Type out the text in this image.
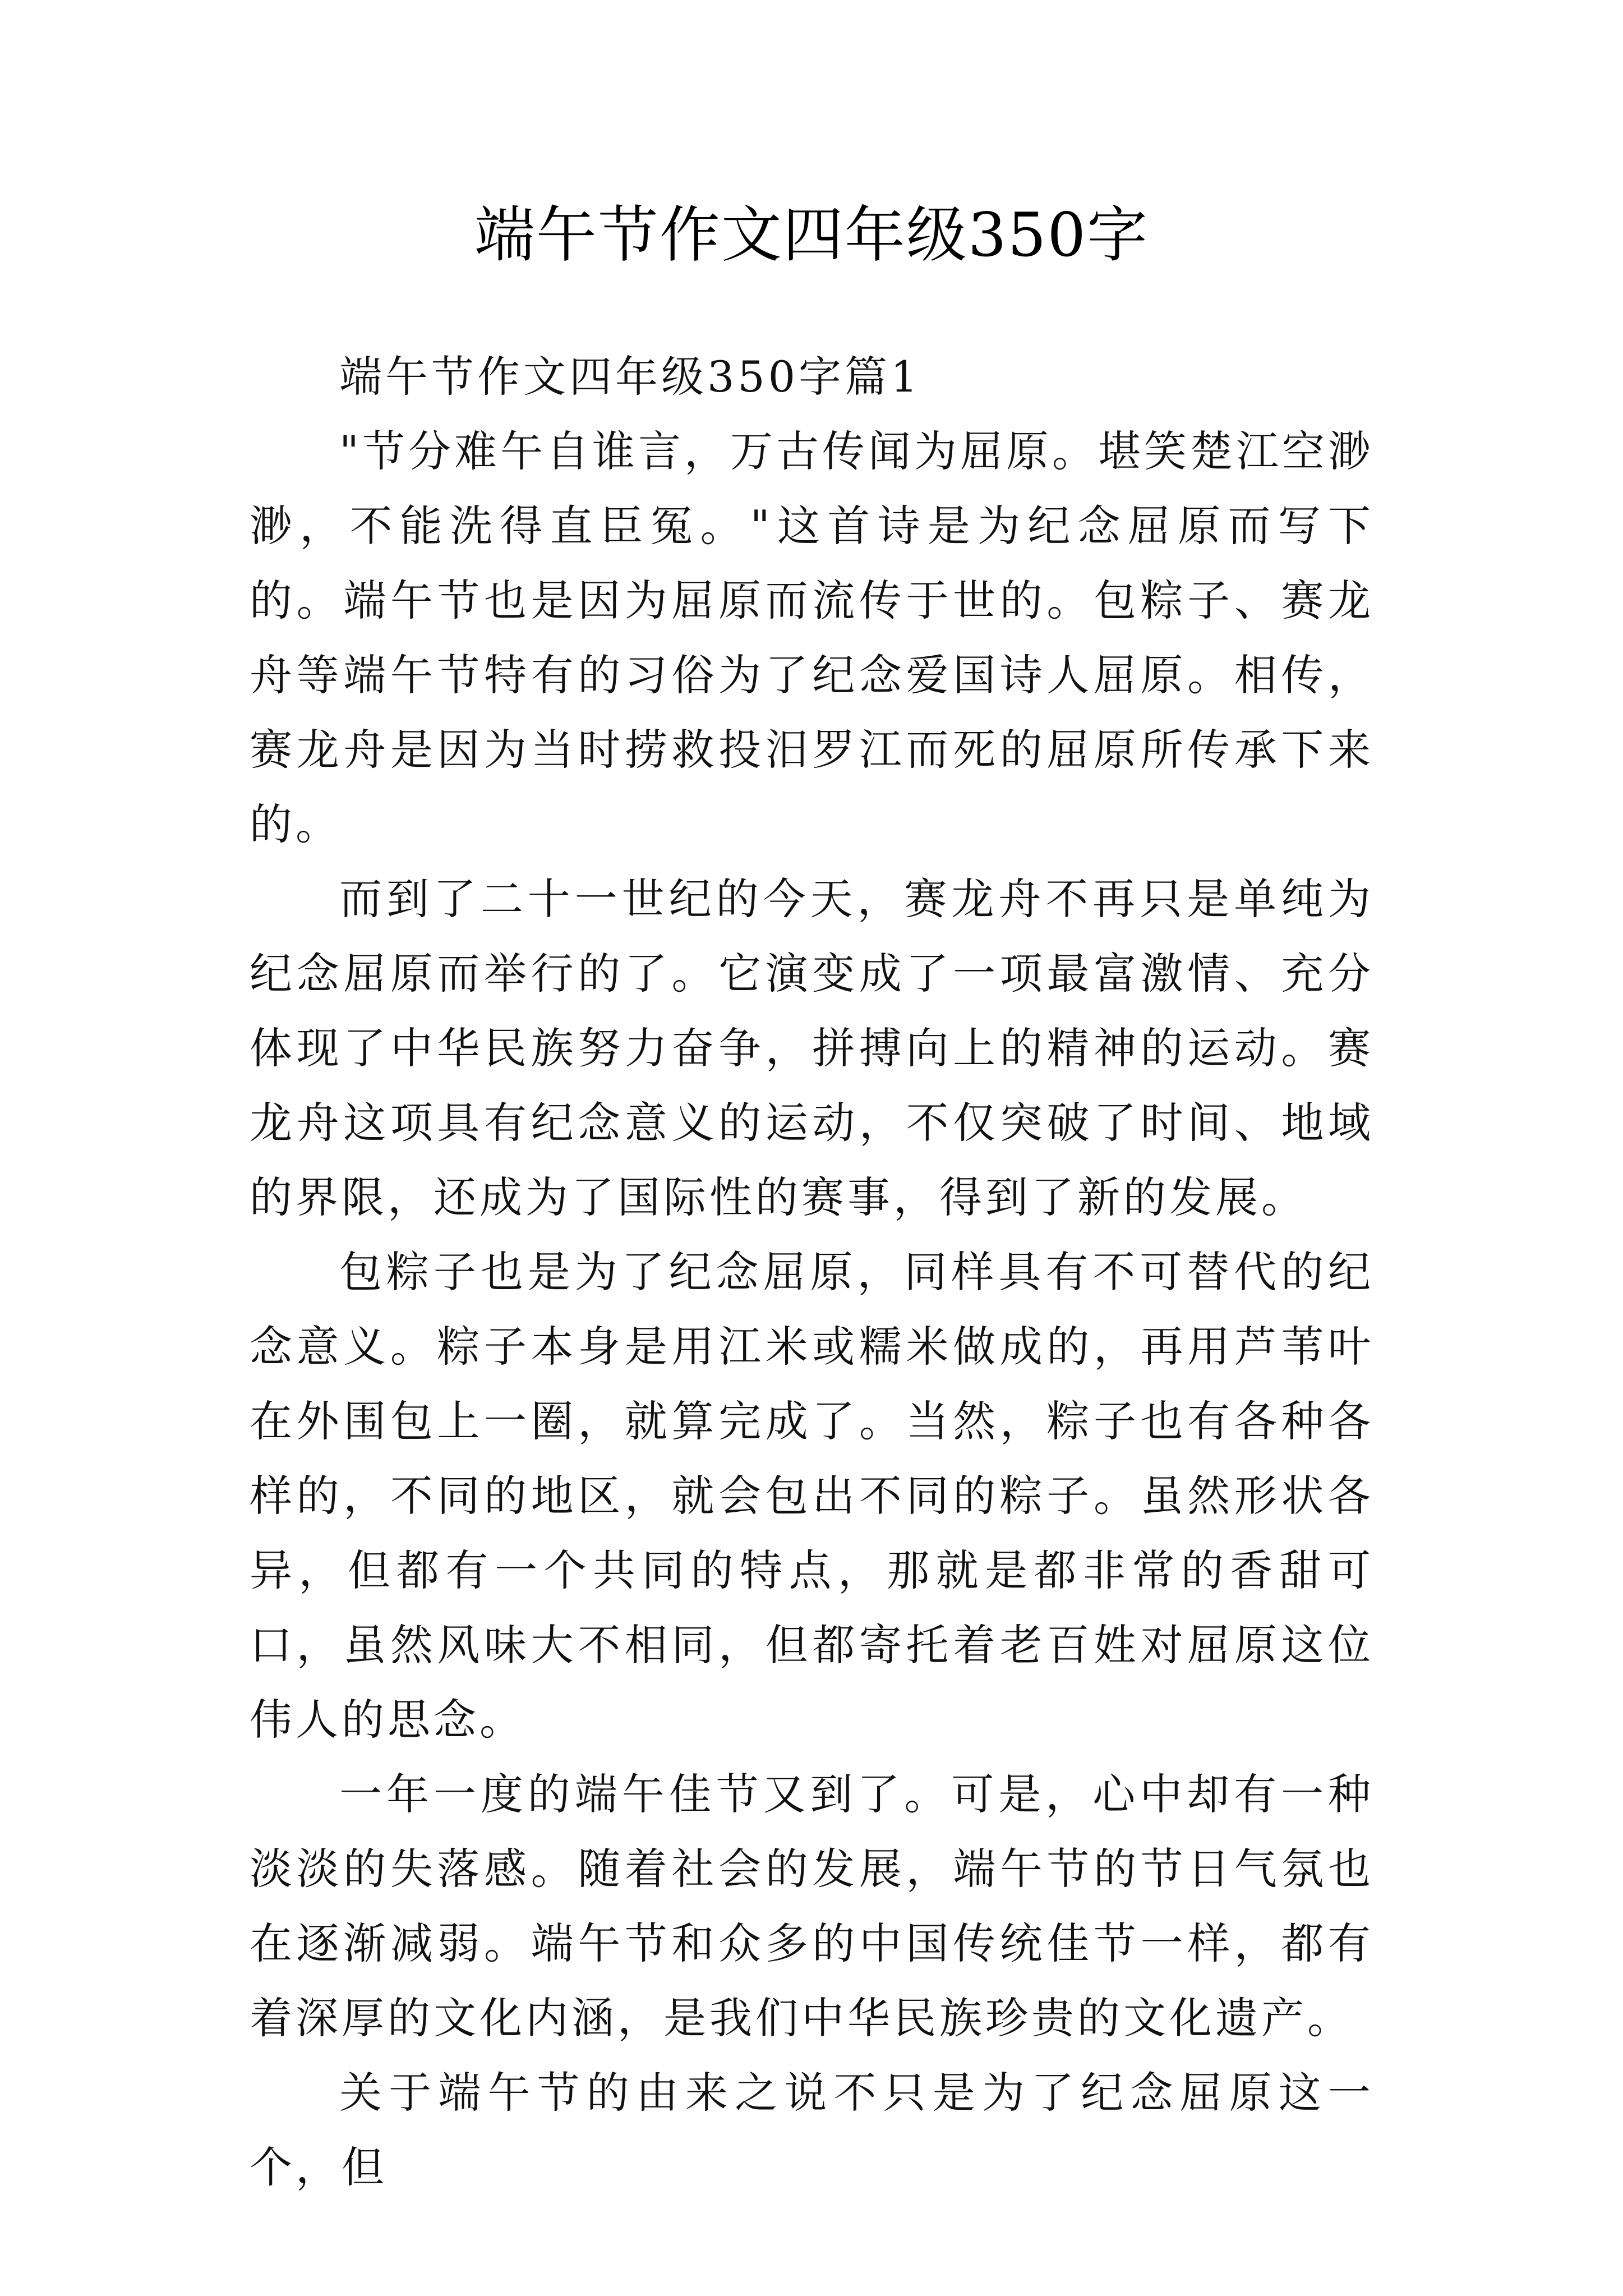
端午节作文四年级350字

端午节作文四年级350字篇1

"节分难午自谁言，万古传闻为屈原。堪笑楚江空渺渺，不能洗得直臣冤。"这首诗是为纪念屈原而写下的。端午节也是因为屈原而流传于世的。包粽子、赛龙舟等端午节特有的习俗为了纪念爱国诗人屈原。相传，赛龙舟是因为当时捞救投汨罗江而死的屈原所传承下来的。

而到了二十一世纪的今天，赛龙舟不再只是单纯为纪念屈原而举行的了。它演变成了一项最富激情、充分体现了中华民族努力奋争，拼搏向上的精神的运动。赛龙舟这项具有纪念意义的运动，不仅突破了时间、地域的界限，还成为了国际性的赛事，得到了新的发展。

包粽子也是为了纪念屈原，同样具有不可替代的纪念意义。粽子本身是用江米或糯米做成的，再用芦苇叶在外围包上一圈，就算完成了。当然，粽子也有各种各样的，不同的地区，就会包出不同的粽子。虽然形状各异，但都有一个共同的特点，那就是都非常的香甜可口，虽然风味大不相同，但都寄托着老百姓对屈原这位伟人的思念。

一年一度的端午佳节又到了。可是，心中却有一种淡淡的失落感。随着社会的发展，端午节的节日气氛也在逐渐减弱。端午节和众多的中国传统佳节一样，都有着深厚的文化内涵，是我们中华民族珍贵的文化遗产。

关于端午节的由来之说不只是为了纪念屈原这一个，但
